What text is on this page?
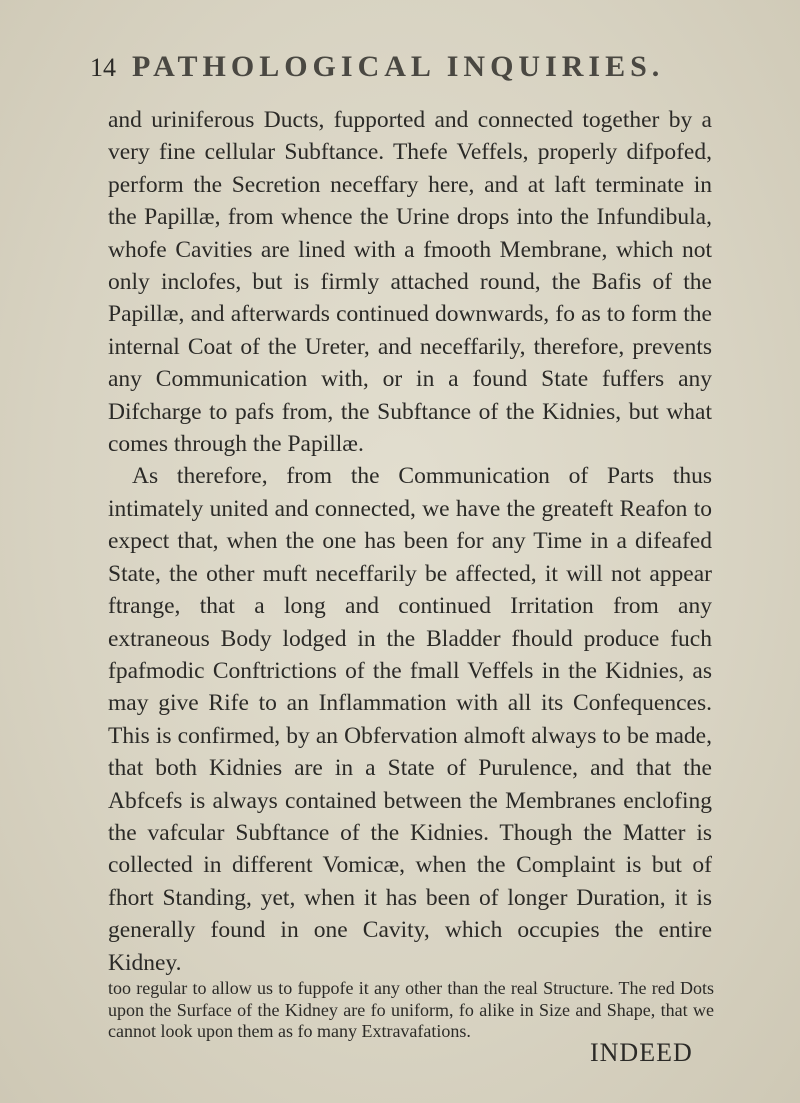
14 PATHOLOGICAL INQUIRIES.

and uriniferous Ducts, fupported and connected together by a very fine cellular Subftance. Thefe Veffels, properly difpofed, perform the Secretion neceffary here, and at laft terminate in the Papillæ, from whence the Urine drops into the Infundibula, whofe Cavities are lined with a fmooth Membrane, which not only inclofes, but is firmly attached round, the Bafis of the Papillæ, and afterwards continued downwards, fo as to form the internal Coat of the Ureter, and neceffarily, therefore, prevents any Communication with, or in a found State fuffers any Difcharge to pafs from, the Subftance of the Kidnies, but what comes through the Papillæ.

As therefore, from the Communication of Parts thus intimately united and connected, we have the greateft Reafon to expect that, when the one has been for any Time in a difeafed State, the other muft neceffarily be affected, it will not appear ftrange, that a long and continued Irritation from any extraneous Body lodged in the Bladder fhould produce fuch fpafmodic Conftrictions of the fmall Veffels in the Kidnies, as may give Rife to an Inflammation with all its Confequences. This is confirmed, by an Obfervation almoft always to be made, that both Kidnies are in a State of Purulence, and that the Abfcefs is always contained between the Membranes enclofing the vafcular Subftance of the Kidnies. Though the Matter is collected in different Vomicæ, when the Complaint is but of fhort Standing, yet, when it has been of longer Duration, it is generally found in one Cavity, which occupies the entire Kidney.

too regular to allow us to fuppofe it any other than the real Structure. The red Dots upon the Surface of the Kidney are fo uniform, fo alike in Size and Shape, that we cannot look upon them as fo many Extravafations.

INDEED
